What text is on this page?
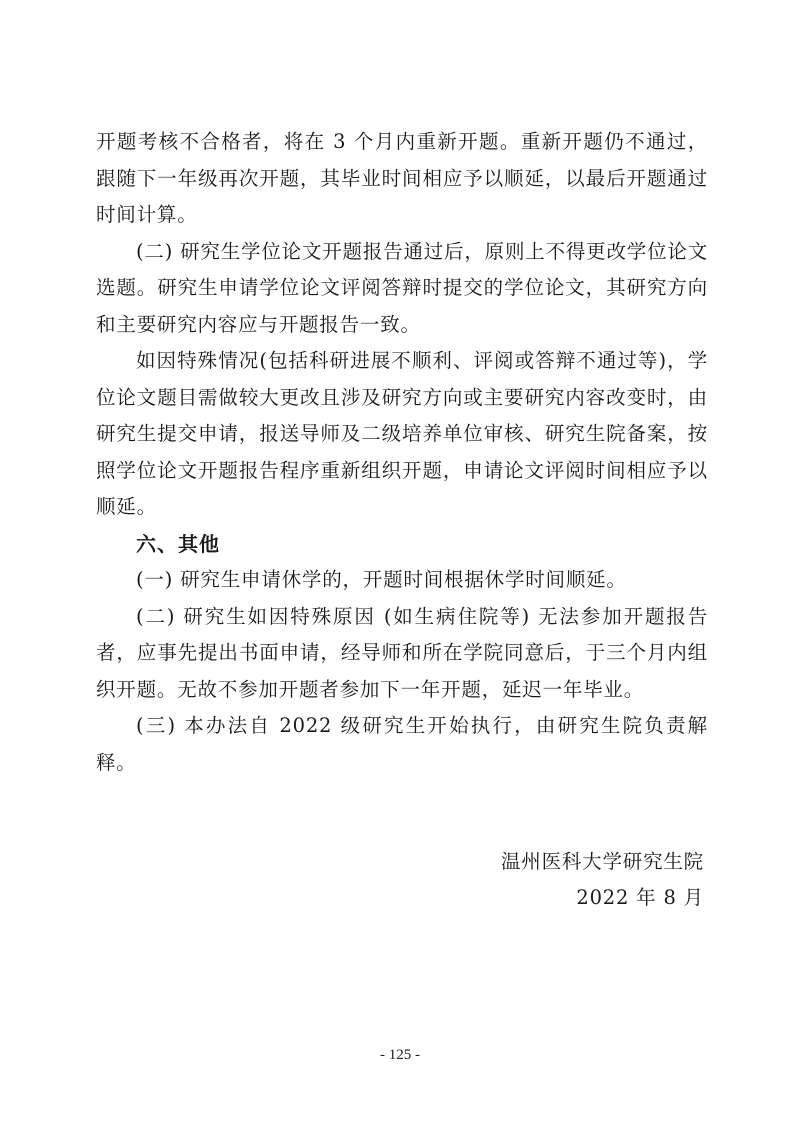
开题考核不合格者，将在 3 个月内重新开题。重新开题仍不通过，跟随下一年级再次开题，其毕业时间相应予以顺延，以最后开题通过时间计算。

(二) 研究生学位论文开题报告通过后，原则上不得更改学位论文选题。研究生申请学位论文评阅答辩时提交的学位论文，其研究方向和主要研究内容应与开题报告一致。

如因特殊情况(包括科研进展不顺利、评阅或答辩不通过等)，学位论文题目需做较大更改且涉及研究方向或主要研究内容改变时，由研究生提交申请，报送导师及二级培养单位审核、研究生院备案，按照学位论文开题报告程序重新组织开题，申请论文评阅时间相应予以顺延。

六、其他

(一) 研究生申请休学的，开题时间根据休学时间顺延。

(二) 研究生如因特殊原因 (如生病住院等) 无法参加开题报告者，应事先提出书面申请，经导师和所在学院同意后，于三个月内组织开题。无故不参加开题者参加下一年开题，延迟一年毕业。

(三) 本办法自 2022 级研究生开始执行，由研究生院负责解释。

温州医科大学研究生院
2022 年 8 月
- 125 -
